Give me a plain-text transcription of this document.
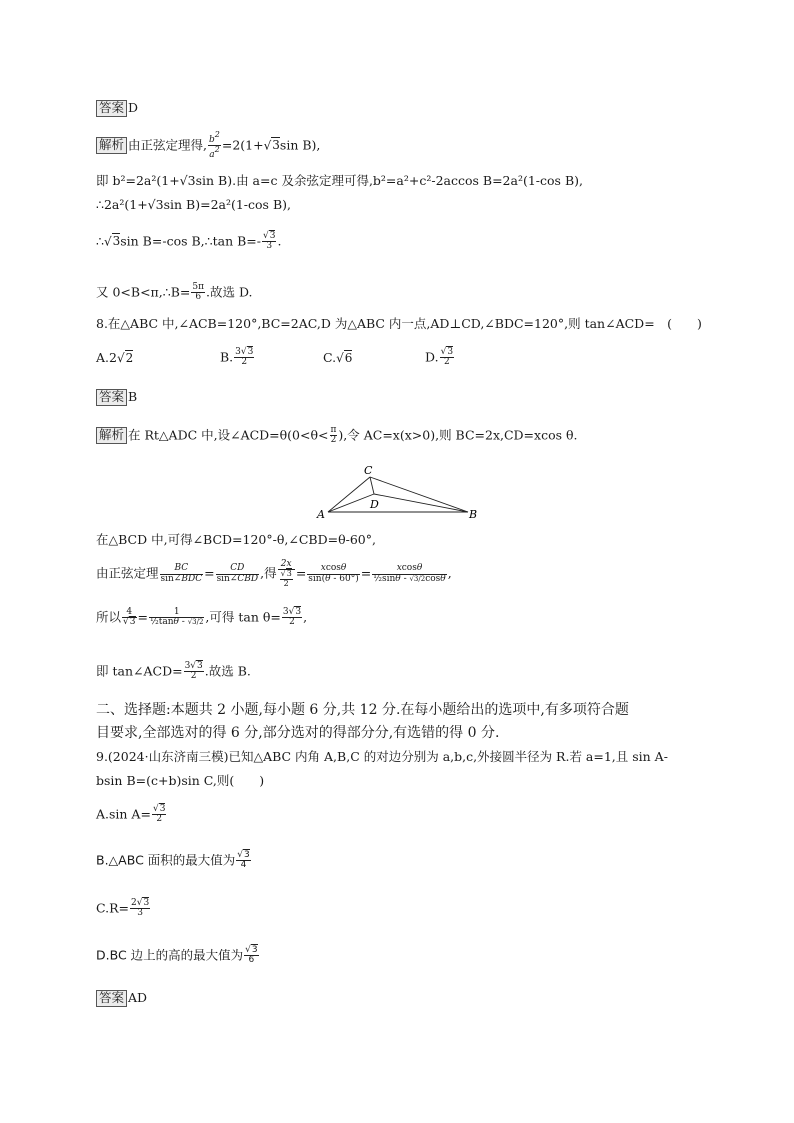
答案 D
解析 由正弦定理得, $\frac{b2}{a2} =2(1+√3\sin$ B),
即 b²=2a²(1+√3sin B).由 a=c 及余弦定理可得,b²=a²+c²-2accos B=2a²(1-cos B),
∴2a²(1+√3sin B)=2a²(1-cos B),
∴√3sin B=-cos B,∴tan $B=- \frac{√3}{3}$ .
又 0<B<π,∴B= $\frac{5\pi}{6}$ .故选 D.
8.在△ABC 中,∠ACB=120°,BC=2AC,D 为△ABC 内一点,AD⊥CD,∠BDC=120°,则 tan∠ACD=　(　　)
A.2√2	B. $\frac{3√3}{2}$	C.√6	D. $\frac{√3}{2}$
答案 B
解析 在 Rt△ADC 中,设∠ACD=θ(0<θ< $\frac{\pi}{2}$ ),令 AC=x(x>0),则 BC=2x,CD=xcos θ.
C
D
A	B
在△BCD 中,可得∠BCD=120°-θ,∠CBD=θ-60°,
由正弦定理 $\frac{BC}{\text{sin∠BDC}} = \frac{CD}{\text{sin∠CBD}}$ ,得 $\frac{2x}{\frac{√3}{2}} = \frac{xcos\theta}{\sin(\theta - 60^\circ)} = \frac{xcos\theta}{\text{½sinθ - √3/2cosθ}}$ ,
所以 $\frac{4}{√3} = \frac{1}{\text{½tanθ - √3/2}}$ ,可得 $\tan \theta= \frac{3√3}{2}$ ,
即 tan∠ACD= $\frac{3√3}{2}$ .故选 B.
二、选择题:本题共 2 小题,每小题 6 分,共 12 分.在每小题给出的选项中,有多项符合题
目要求,全部选对的得 6 分,部分选对的得部分分,有选错的得 0 分.
9.(2024·山东济南三模)已知△ABC 内角 A,B,C 的对边分别为 a,b,c,外接圆半径为 R.若 a=1,且 sin A-
bsin B=(c+b)sin C,则(　　)
A.sin $A= \frac{√3}{2}$
B.△ABC 面积的最大值为 $\frac{√3}{4}$
$C.R= \frac{2√3}{3}$
D.BC 边上的高的最大值为 $\frac{√3}{6}$
答案 AD
